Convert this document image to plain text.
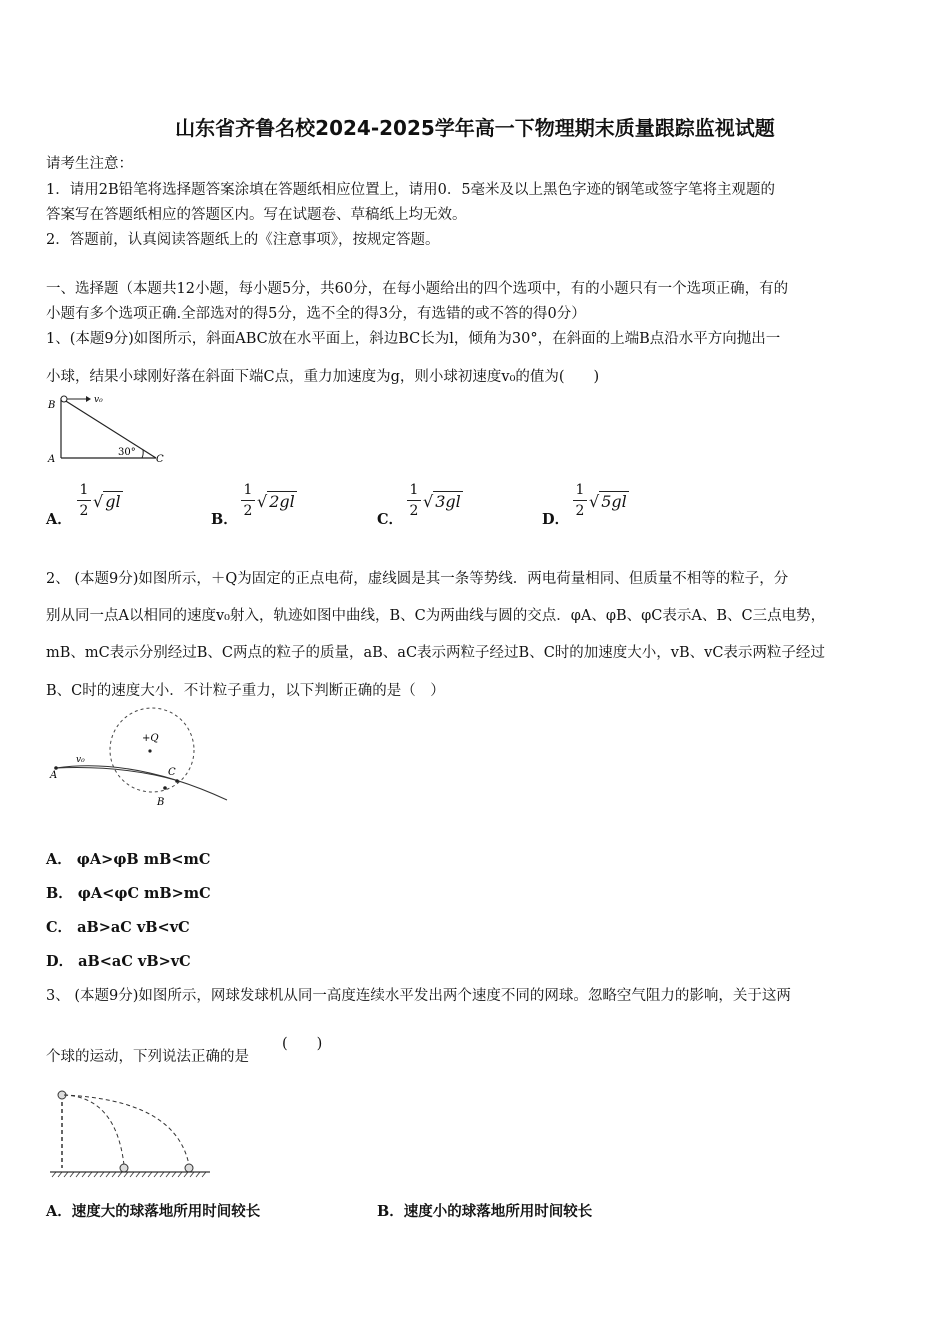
山东省齐鲁名校2024-2025学年高一下物理期末质量跟踪监视试题
请考生注意：
1．请用2B铅笔将选择题答案涂填在答题纸相应位置上，请用0．5毫米及以上黑色字迹的钢笔或签字笔将主观题的
答案写在答题纸相应的答题区内。写在试题卷、草稿纸上均无效。
2．答题前，认真阅读答题纸上的《注意事项》，按规定答题。
一、选择题（本题共12小题，每小题5分，共60分，在每小题给出的四个选项中，有的小题只有一个选项正确，有的
小题有多个选项正确.全部选对的得5分，选不全的得3分，有选错的或不答的得0分）
1、(本题9分)如图所示，斜面ABC放在水平面上，斜边BC长为l，倾角为30°，在斜面的上端B点沿水平方向抛出一
小球，结果小球刚好落在斜面下端C点，重力加速度为g，则小球初速度v₀的值为(　　)
B	v₀
A	C
30°
A．
1
2 √ gl
B．
1
2 √ 2gl
C．
1
2 √ 3gl
D．
1
2 √ 5gl
2、 (本题9分)如图所示，＋Q为固定的正点电荷，虚线圆是其一条等势线．两电荷量相同、但质量不相等的粒子，分
别从同一点A以相同的速度v₀射入，轨迹如图中曲线，B、C为两曲线与圆的交点．φA、φB、φC表示A、B、C三点电势，
mB、mC表示分别经过B、C两点的粒子的质量，aB、aC表示两粒子经过B、C时的加速度大小，vB、vC表示两粒子经过
B、C时的速度大小．不计粒子重力，以下判断正确的是（　）
+Q
A
v₀
C
B
A． φA>φB mB<mC
B． φA<φC mB>mC
C． aB>aC vB<vC
D． aB<aC vB>vC
3、 (本题9分)如图所示，网球发球机从同一高度连续水平发出两个速度不同的网球。忽略空气阻力的影响，关于这两
个球的运动，下列说法正确的是
(　　)
A．速度大的球落地所用时间较长	B．速度小的球落地所用时间较长
